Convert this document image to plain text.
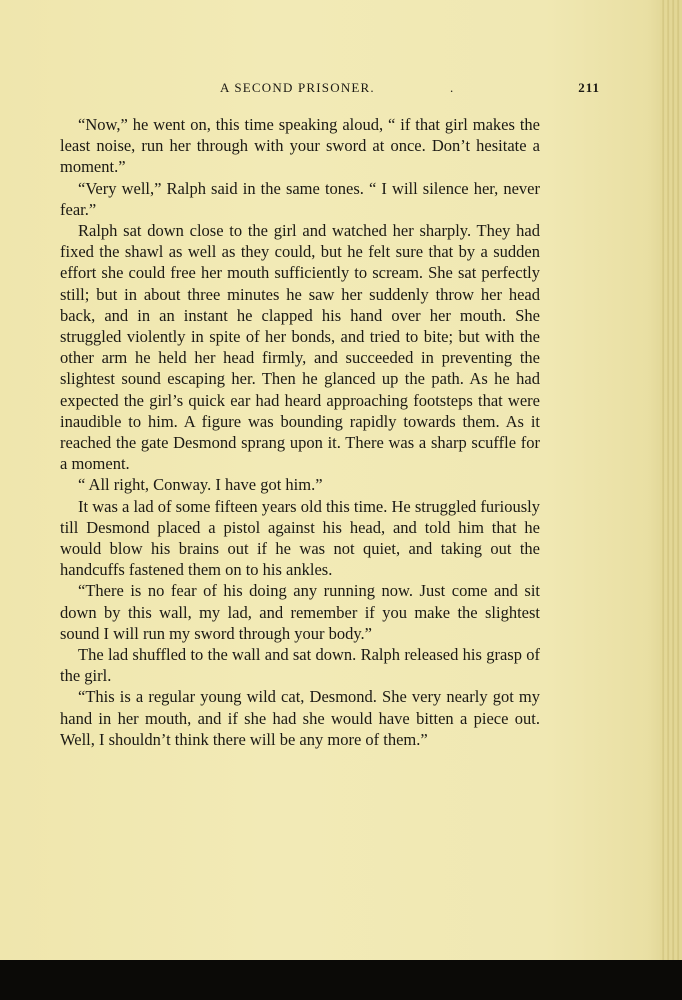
A SECOND PRISONER.	.	211

“Now,” he went on, this time speaking aloud, “ if that girl makes the least noise, run her through with your sword at once. Don’t hesitate a moment.”

“Very well,” Ralph said in the same tones. “ I will silence her, never fear.”

Ralph sat down close to the girl and watched her sharply. They had fixed the shawl as well as they could, but he felt sure that by a sudden effort she could free her mouth sufficiently to scream. She sat perfectly still; but in about three minutes he saw her suddenly throw her head back, and in an instant he clapped his hand over her mouth. She struggled violently in spite of her bonds, and tried to bite; but with the other arm he held her head firmly, and succeeded in preventing the slightest sound escaping her. Then he glanced up the path. As he had expected the girl’s quick ear had heard approaching footsteps that were inaudible to him. A figure was bounding rapidly towards them. As it reached the gate Desmond sprang upon it. There was a sharp scuffle for a moment.

“ All right, Conway. I have got him.”

It was a lad of some fifteen years old this time. He struggled furiously till Desmond placed a pistol against his head, and told him that he would blow his brains out if he was not quiet, and taking out the handcuffs fastened them on to his ankles.

“There is no fear of his doing any running now. Just come and sit down by this wall, my lad, and remember if you make the slightest sound I will run my sword through your body.”

The lad shuffled to the wall and sat down. Ralph released his grasp of the girl.

“This is a regular young wild cat, Desmond. She very nearly got my hand in her mouth, and if she had she would have bitten a piece out. Well, I shouldn’t think there will be any more of them.”
